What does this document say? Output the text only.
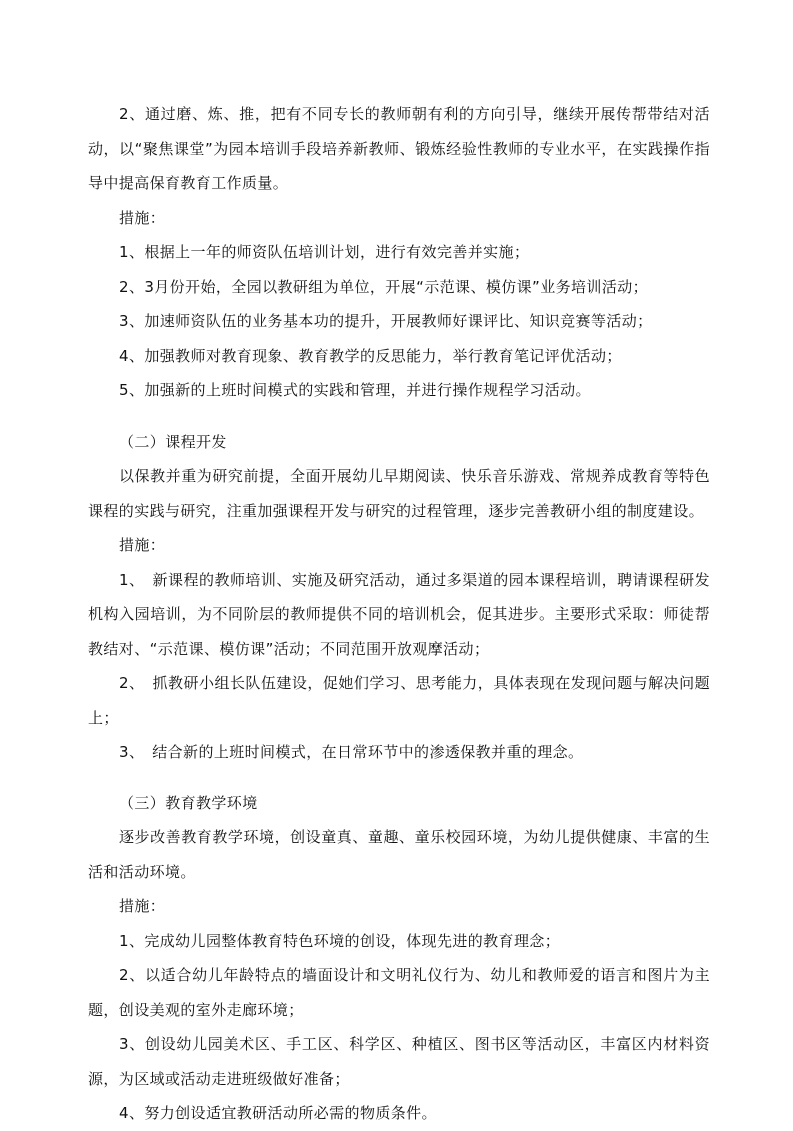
2、通过磨、炼、推，把有不同专长的教师朝有利的方向引导，继续开展传帮带结对活动，以“聚焦课堂”为园本培训手段培养新教师、锻炼经验性教师的专业水平，在实践操作指导中提高保育教育工作质量。

措施：

1、根据上一年的师资队伍培训计划，进行有效完善并实施；

2、3月份开始，全园以教研组为单位，开展“示范课、模仿课”业务培训活动；

3、加速师资队伍的业务基本功的提升，开展教师好课评比、知识竞赛等活动；

4、加强教师对教育现象、教育教学的反思能力，举行教育笔记评优活动；

5、加强新的上班时间模式的实践和管理，并进行操作规程学习活动。

（二）课程开发

以保教并重为研究前提，全面开展幼儿早期阅读、快乐音乐游戏、常规养成教育等特色课程的实践与研究，注重加强课程开发与研究的过程管理，逐步完善教研小组的制度建设。

措施：

1、　新课程的教师培训、实施及研究活动，通过多渠道的园本课程培训，聘请课程研发机构入园培训，为不同阶层的教师提供不同的培训机会，促其进步。主要形式采取：师徒帮教结对、“示范课、模仿课”活动；不同范围开放观摩活动；

2、　抓教研小组长队伍建设，促她们学习、思考能力，具体表现在发现问题与解决问题上；

3、　结合新的上班时间模式，在日常环节中的渗透保教并重的理念。

（三）教育教学环境

逐步改善教育教学环境，创设童真、童趣、童乐校园环境，为幼儿提供健康、丰富的生活和活动环境。

措施：

1、完成幼儿园整体教育特色环境的创设，体现先进的教育理念；

2、以适合幼儿年龄特点的墙面设计和文明礼仪行为、幼儿和教师爱的语言和图片为主题，创设美观的室外走廊环境；

3、创设幼儿园美术区、手工区、科学区、种植区、图书区等活动区，丰富区内材料资源，为区域或活动走进班级做好准备；

4、努力创设适宜教研活动所必需的物质条件。
